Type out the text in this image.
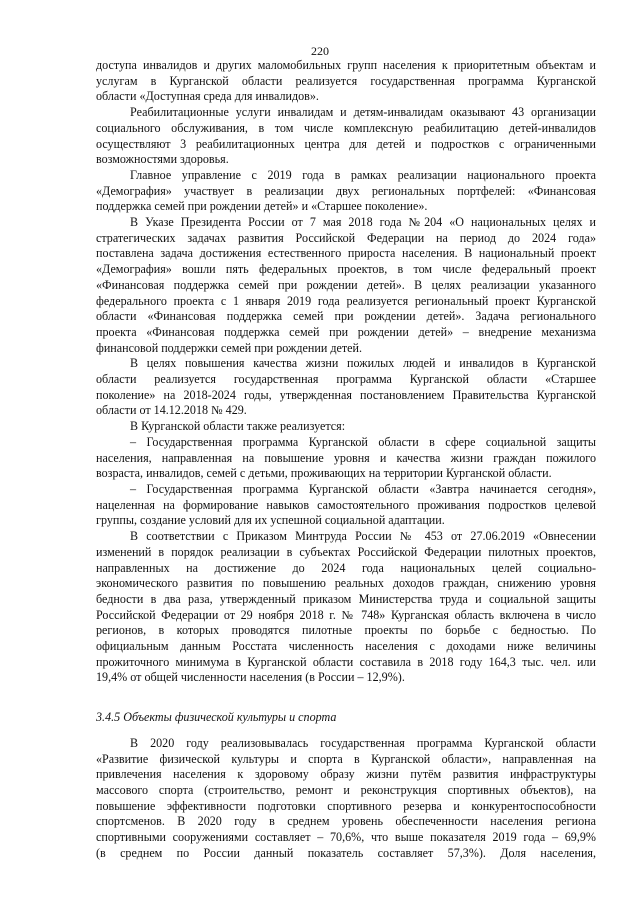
220

доступа инвалидов и других маломобильных групп населения к приоритетным объектам и
услугам в Курганской области реализуется государственная программа Курганской
области «Доступная среда для инвалидов».

Реабилитационные услуги инвалидам и детям-инвалидам оказывают 43 организации
социального обслуживания, в том числе комплексную реабилитацию детей-инвалидов
осуществляют 3 реабилитационных центра для детей и подростков с ограниченными
возможностями здоровья.

Главное управление с 2019 года в рамках реализации национального проекта
«Демография» участвует в реализации двух региональных портфелей: «Финансовая
поддержка семей при рождении детей» и «Старшее поколение».

В Указе Президента России от 7 мая 2018 года №204 «О национальных целях и
стратегических задачах развития Российской Федерации на период до 2024 года»
поставлена задача достижения естественного прироста населения. В национальный проект
«Демография» вошли пять федеральных проектов, в том числе федеральный проект
«Финансовая поддержка семей при рождении детей». В целях реализации указанного
федерального проекта с 1 января 2019 года реализуется региональный проект Курганской
области «Финансовая поддержка семей при рождении детей». Задача регионального
проекта «Финансовая поддержка семей при рождении детей» – внедрение механизма
финансовой поддержки семей при рождении детей.

В целях повышения качества жизни пожилых людей и инвалидов в Курганской
области реализуется государственная программа Курганской области «Старшее
поколение» на 2018-2024 годы, утвержденная постановлением Правительства Курганской
области от 14.12.2018 № 429.

В Курганской области также реализуется:

– Государственная программа Курганской области в сфере социальной защиты
населения, направленная на повышение уровня и качества жизни граждан пожилого
возраста, инвалидов, семей с детьми, проживающих на территории Курганской области.

– Государственная программа Курганской области «Завтра начинается сегодня»,
нацеленная на формирование навыков самостоятельного проживания подростков целевой
группы, создание условий для их успешной социальной адаптации.

В соответствии с Приказом Минтруда России № 453 от 27.06.2019 «Овнесении
изменений в порядок реализации в субъектах Российской Федерации пилотных проектов,
направленных на достижение до 2024 года национальных целей социально-
экономического развития по повышению реальных доходов граждан, снижению уровня
бедности в два раза, утвержденный приказом Министерства труда и социальной защиты
Российской Федерации от 29 ноября 2018 г. № 748» Курганская область включена в число
регионов, в которых проводятся пилотные проекты по борьбе с бедностью. По
официальным данным Росстата численность населения с доходами ниже величины
прожиточного минимума в Курганской области составила в 2018 году 164,3 тыс. чел. или
19,4% от общей численности населения (в России – 12,9%).

3.4.5 Объекты физической культуры и спорта

В 2020 году реализовывалась государственная программа Курганской области
«Развитие физической культуры и спорта в Курганской области», направленная на
привлечения населения к здоровому образу жизни путём развития инфраструктуры
массового спорта (строительство, ремонт и реконструкция спортивных объектов), на
повышение эффективности подготовки спортивного резерва и конкурентоспособности
спортсменов. В 2020 году в среднем уровень обеспеченности населения региона
спортивными сооружениями составляет – 70,6%, что выше показателя 2019 года – 69,9%
(в среднем по России данный показатель составляет 57,3%). Доля населения,
